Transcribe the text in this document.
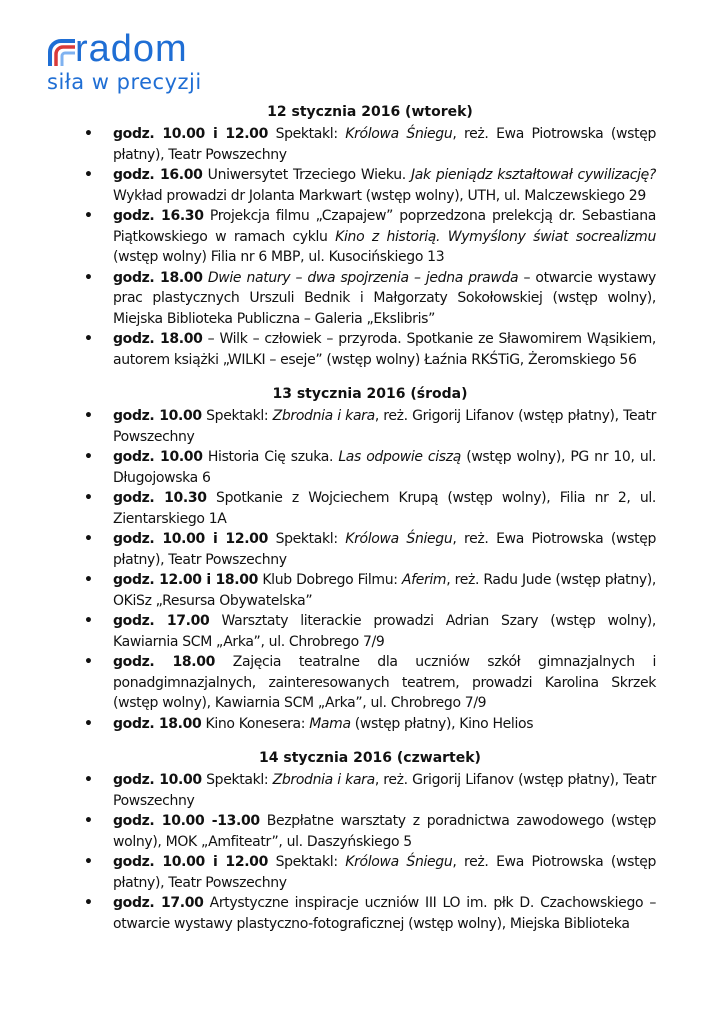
radom
siła w precyzji
12 stycznia 2016 (wtorek)
• godz. 10.00 i 12.00 Spektakl: Królowa Śniegu, reż. Ewa Piotrowska (wstęp płatny), Teatr Powszechny
• godz. 16.00 Uniwersytet Trzeciego Wieku. Jak pieniądz kształtował cywilizację? Wykład prowadzi dr Jolanta Markwart (wstęp wolny), UTH, ul. Malczewskiego 29
• godz. 16.30 Projekcja filmu „Czapajew” poprzedzona prelekcją dr. Sebastiana Piątkowskiego w ramach cyklu Kino z historią. Wymyślony świat socrealizmu (wstęp wolny) Filia nr 6 MBP, ul. Kusocińskiego 13
• godz. 18.00 Dwie natury – dwa spojrzenia – jedna prawda – otwarcie wystawy prac plastycznych Urszuli Bednik i Małgorzaty Sokołowskiej (wstęp wolny), Miejska Biblioteka Publiczna – Galeria „Ekslibris”
• godz. 18.00 – Wilk – człowiek – przyroda. Spotkanie ze Sławomirem Wąsikiem, autorem książki „WILKI – eseje” (wstęp wolny) Łaźnia RKŚTiG, Żeromskiego 56
13 stycznia 2016 (środa)
• godz. 10.00 Spektakl: Zbrodnia i kara, reż. Grigorij Lifanov (wstęp płatny), Teatr Powszechny
• godz. 10.00 Historia Cię szuka. Las odpowie ciszą (wstęp wolny), PG nr 10, ul. Długojowska 6
• godz. 10.30 Spotkanie z Wojciechem Krupą (wstęp wolny), Filia nr 2, ul. Zientarskiego 1A
• godz. 10.00 i 12.00 Spektakl: Królowa Śniegu, reż. Ewa Piotrowska (wstęp płatny), Teatr Powszechny
• godz. 12.00 i 18.00 Klub Dobrego Filmu: Aferim, reż. Radu Jude (wstęp płatny), OKiSz „Resursa Obywatelska”
• godz. 17.00 Warsztaty literackie prowadzi Adrian Szary (wstęp wolny), Kawiarnia SCM „Arka”, ul. Chrobrego 7/9
• godz. 18.00 Zajęcia teatralne dla uczniów szkół gimnazjalnych i ponadgimnazjalnych, zainteresowanych teatrem, prowadzi Karolina Skrzek (wstęp wolny), Kawiarnia SCM „Arka”, ul. Chrobrego 7/9
• godz. 18.00 Kino Konesera: Mama (wstęp płatny), Kino Helios
14 stycznia 2016 (czwartek)
• godz. 10.00 Spektakl: Zbrodnia i kara, reż. Grigorij Lifanov (wstęp płatny), Teatr Powszechny
• godz. 10.00 -13.00 Bezpłatne warsztaty z poradnictwa zawodowego (wstęp wolny), MOK „Amfiteatr”, ul. Daszyńskiego 5
• godz. 10.00 i 12.00 Spektakl: Królowa Śniegu, reż. Ewa Piotrowska (wstęp płatny), Teatr Powszechny
• godz. 17.00 Artystyczne inspiracje uczniów III LO im. płk D. Czachowskiego – otwarcie wystawy plastyczno-fotograficznej (wstęp wolny), Miejska Biblioteka
